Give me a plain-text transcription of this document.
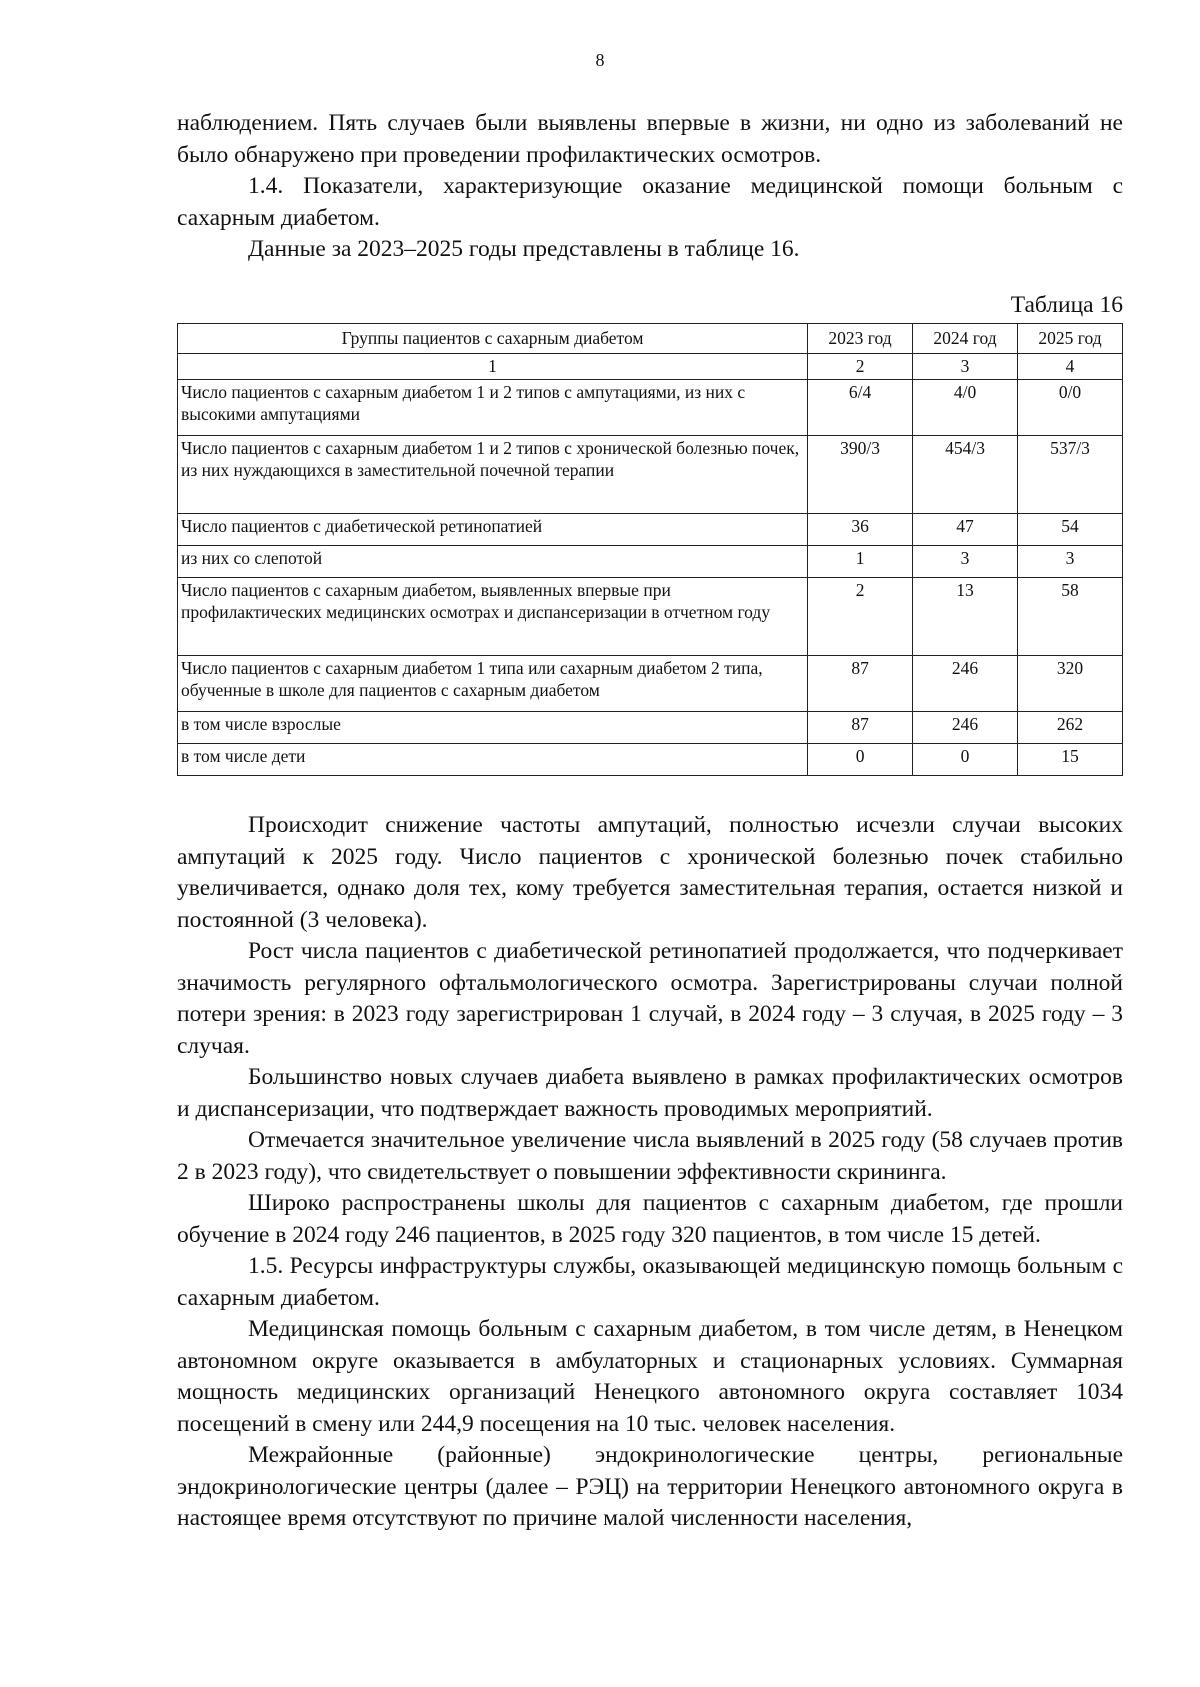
8

наблюдением. Пять случаев были выявлены впервые в жизни, ни одно из заболеваний не было обнаружено при проведении профилактических осмотров.

1.4. Показатели, характеризующие оказание медицинской помощи больным с сахарным диабетом.

Данные за 2023–2025 годы представлены в таблице 16.

Таблица 16
Группы пациентов с сахарным диабетом	2023 год	2024 год	2025 год
1	2	3	4
Число пациентов с сахарным диабетом 1 и 2 типов с ампутациями, из них с высокими ампутациями	6/4	4/0	0/0
Число пациентов с сахарным диабетом 1 и 2 типов с хронической болезнью почек, из них нуждающихся в заместительной почечной терапии	390/3	454/3	537/3
Число пациентов с диабетической ретинопатией	36	47	54
из них со слепотой	1	3	3
Число пациентов с сахарным диабетом, выявленных впервые при профилактических медицинских осмотрах и диспансеризации в отчетном году	2	13	58
Число пациентов с сахарным диабетом 1 типа или сахарным диабетом 2 типа, обученные в школе для пациентов с сахарным диабетом	87	246	320
в том числе взрослые	87	246	262
в том числе дети	0	0	15

Происходит снижение частоты ампутаций, полностью исчезли случаи высоких ампутаций к 2025 году. Число пациентов с хронической болезнью почек стабильно увеличивается, однако доля тех, кому требуется заместительная терапия, остается низкой и постоянной (3 человека).

Рост числа пациентов с диабетической ретинопатией продолжается, что подчеркивает значимость регулярного офтальмологического осмотра. Зарегистрированы случаи полной потери зрения: в 2023 году зарегистрирован 1 случай, в 2024 году – 3 случая, в 2025 году – 3 случая.

Большинство новых случаев диабета выявлено в рамках профилактических осмотров и диспансеризации, что подтверждает важность проводимых мероприятий.

Отмечается значительное увеличение числа выявлений в 2025 году (58 случаев против 2 в 2023 году), что свидетельствует о повышении эффективности скрининга.

Широко распространены школы для пациентов с сахарным диабетом, где прошли обучение в 2024 году 246 пациентов, в 2025 году 320 пациентов, в том числе 15 детей.

1.5. Ресурсы инфраструктуры службы, оказывающей медицинскую помощь больным с сахарным диабетом.

Медицинская помощь больным с сахарным диабетом, в том числе детям, в Ненецком автономном округе оказывается в амбулаторных и стационарных условиях. Суммарная мощность медицинских организаций Ненецкого автономного округа составляет 1034 посещений в смену или 244,9 посещения на 10 тыс. человек населения.

Межрайонные (районные) эндокринологические центры, региональные эндокринологические центры (далее – РЭЦ) на территории Ненецкого автономного округа в настоящее время отсутствуют по причине малой численности населения,
